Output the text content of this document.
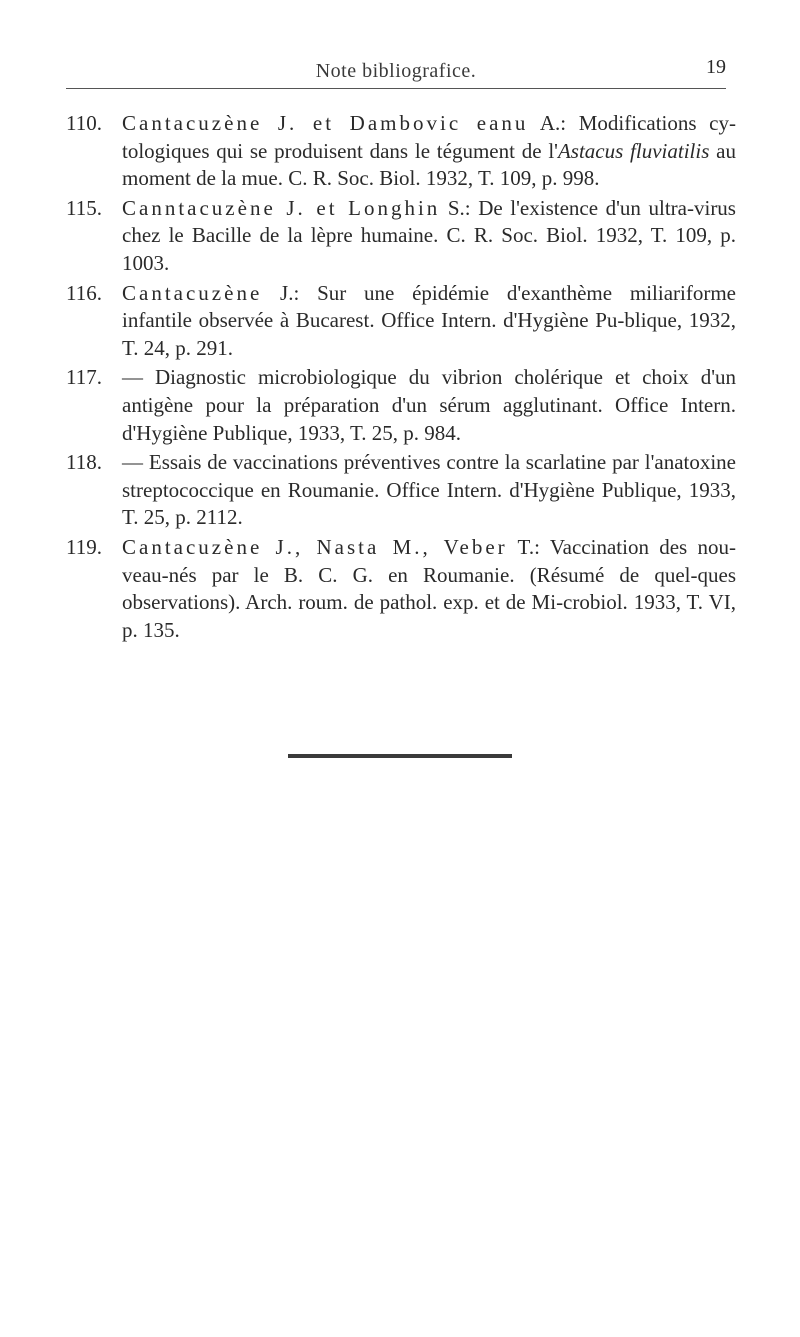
Note bibliografice.	19
110. Cantacuzène J. et Dambovic eanu A.: Modifications cy-tologiques qui se produisent dans le tégument de l'Astacus fluviatilis au moment de la mue. C. R. Soc. Biol. 1932, T. 109, p. 998.
115. Canntacuzène J. et Longhin S.: De l'existence d'un ultra-virus chez le Bacille de la lèpre humaine. C. R. Soc. Biol. 1932, T. 109, p. 1003.
116. Cantacuzène J.: Sur une épidémie d'exanthème miliariforme infantile observée à Bucarest. Office Intern. d'Hygiène Pu-blique, 1932, T. 24, p. 291.
117. — Diagnostic microbiologique du vibrion cholérique et choix d'un antigène pour la préparation d'un sérum agglutinant. Office Intern. d'Hygiène Publique, 1933, T. 25, p. 984.
118. — Essais de vaccinations préventives contre la scarlatine par l'anatoxine streptococcique en Roumanie. Office Intern. d'Hygiène Publique, 1933, T. 25, p. 2112.
119. Cantacuzène J., Nasta M., Veber T.: Vaccination des nou-veau-nés par le B. C. G. en Roumanie. (Résumé de quel-ques observations). Arch. roum. de pathol. exp. et de Mi-crobiol. 1933, T. VI, p. 135.
